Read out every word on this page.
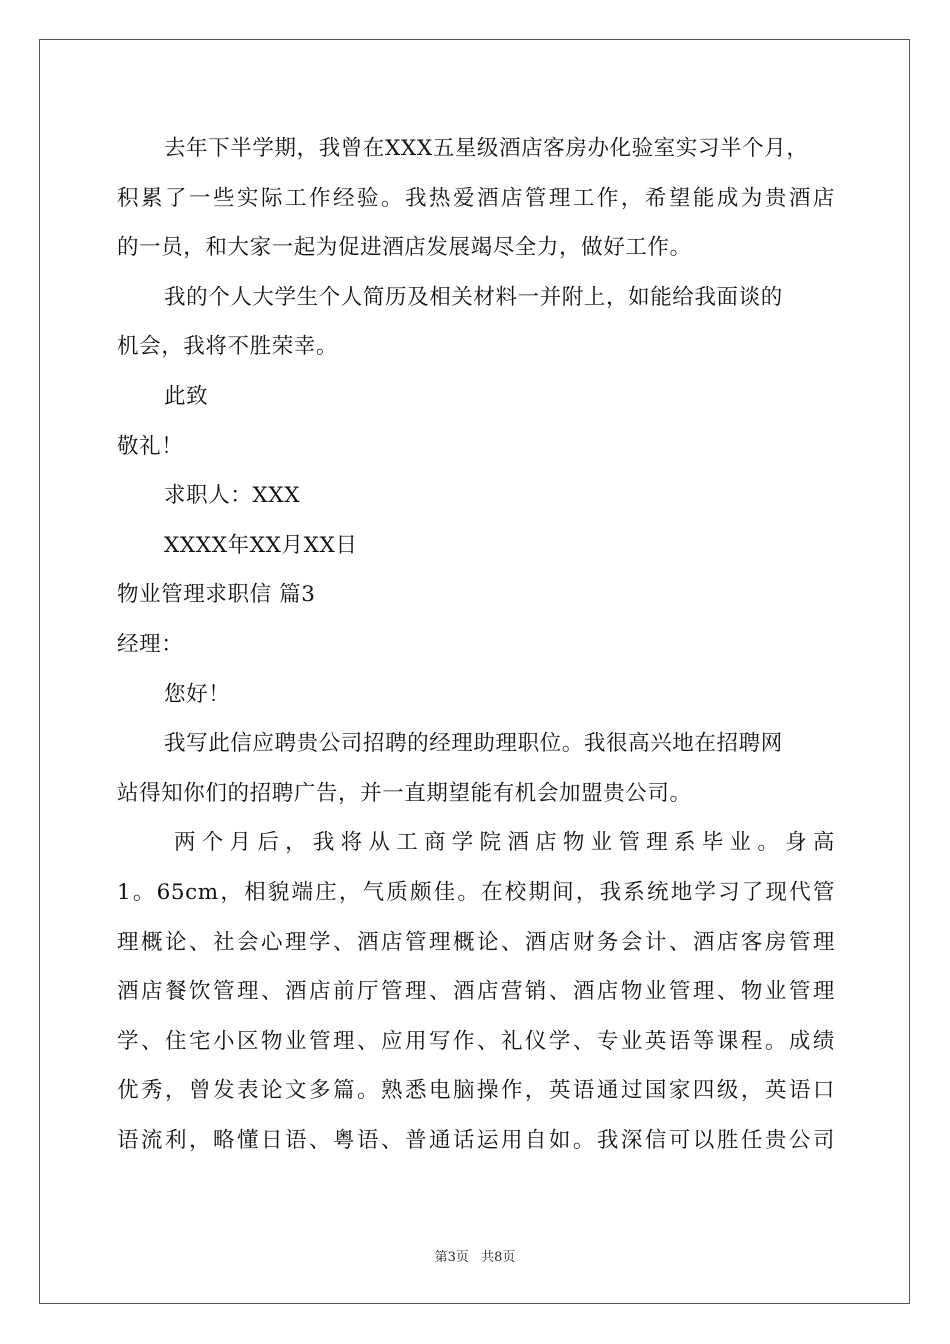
去年下半学期，我曾在XXX五星级酒店客房办化验室实习半个月，
积累了一些实际工作经验。我热爱酒店管理工作，希望能成为贵酒店
的一员，和大家一起为促进酒店发展竭尽全力，做好工作。
我的个人大学生个人简历及相关材料一并附上，如能给我面谈的
机会，我将不胜荣幸。
此致
敬礼！
求职人：XXX
XXXX年XX月XX日
物业管理求职信 篇3
经理：
您好！
我写此信应聘贵公司招聘的经理助理职位。我很高兴地在招聘网
站得知你们的招聘广告，并一直期望能有机会加盟贵公司。
两个月后，我将从工商学院酒店物业管理系毕业。身高
1。65cm，相貌端庄，气质颇佳。在校期间，我系统地学习了现代管
理概论、社会心理学、酒店管理概论、酒店财务会计、酒店客房管理
酒店餐饮管理、酒店前厅管理、酒店营销、酒店物业管理、物业管理
学、住宅小区物业管理、应用写作、礼仪学、专业英语等课程。成绩
优秀，曾发表论文多篇。熟悉电脑操作，英语通过国家四级，英语口
语流利，略懂日语、粤语、普通话运用自如。我深信可以胜任贵公司
第3页 共8页
